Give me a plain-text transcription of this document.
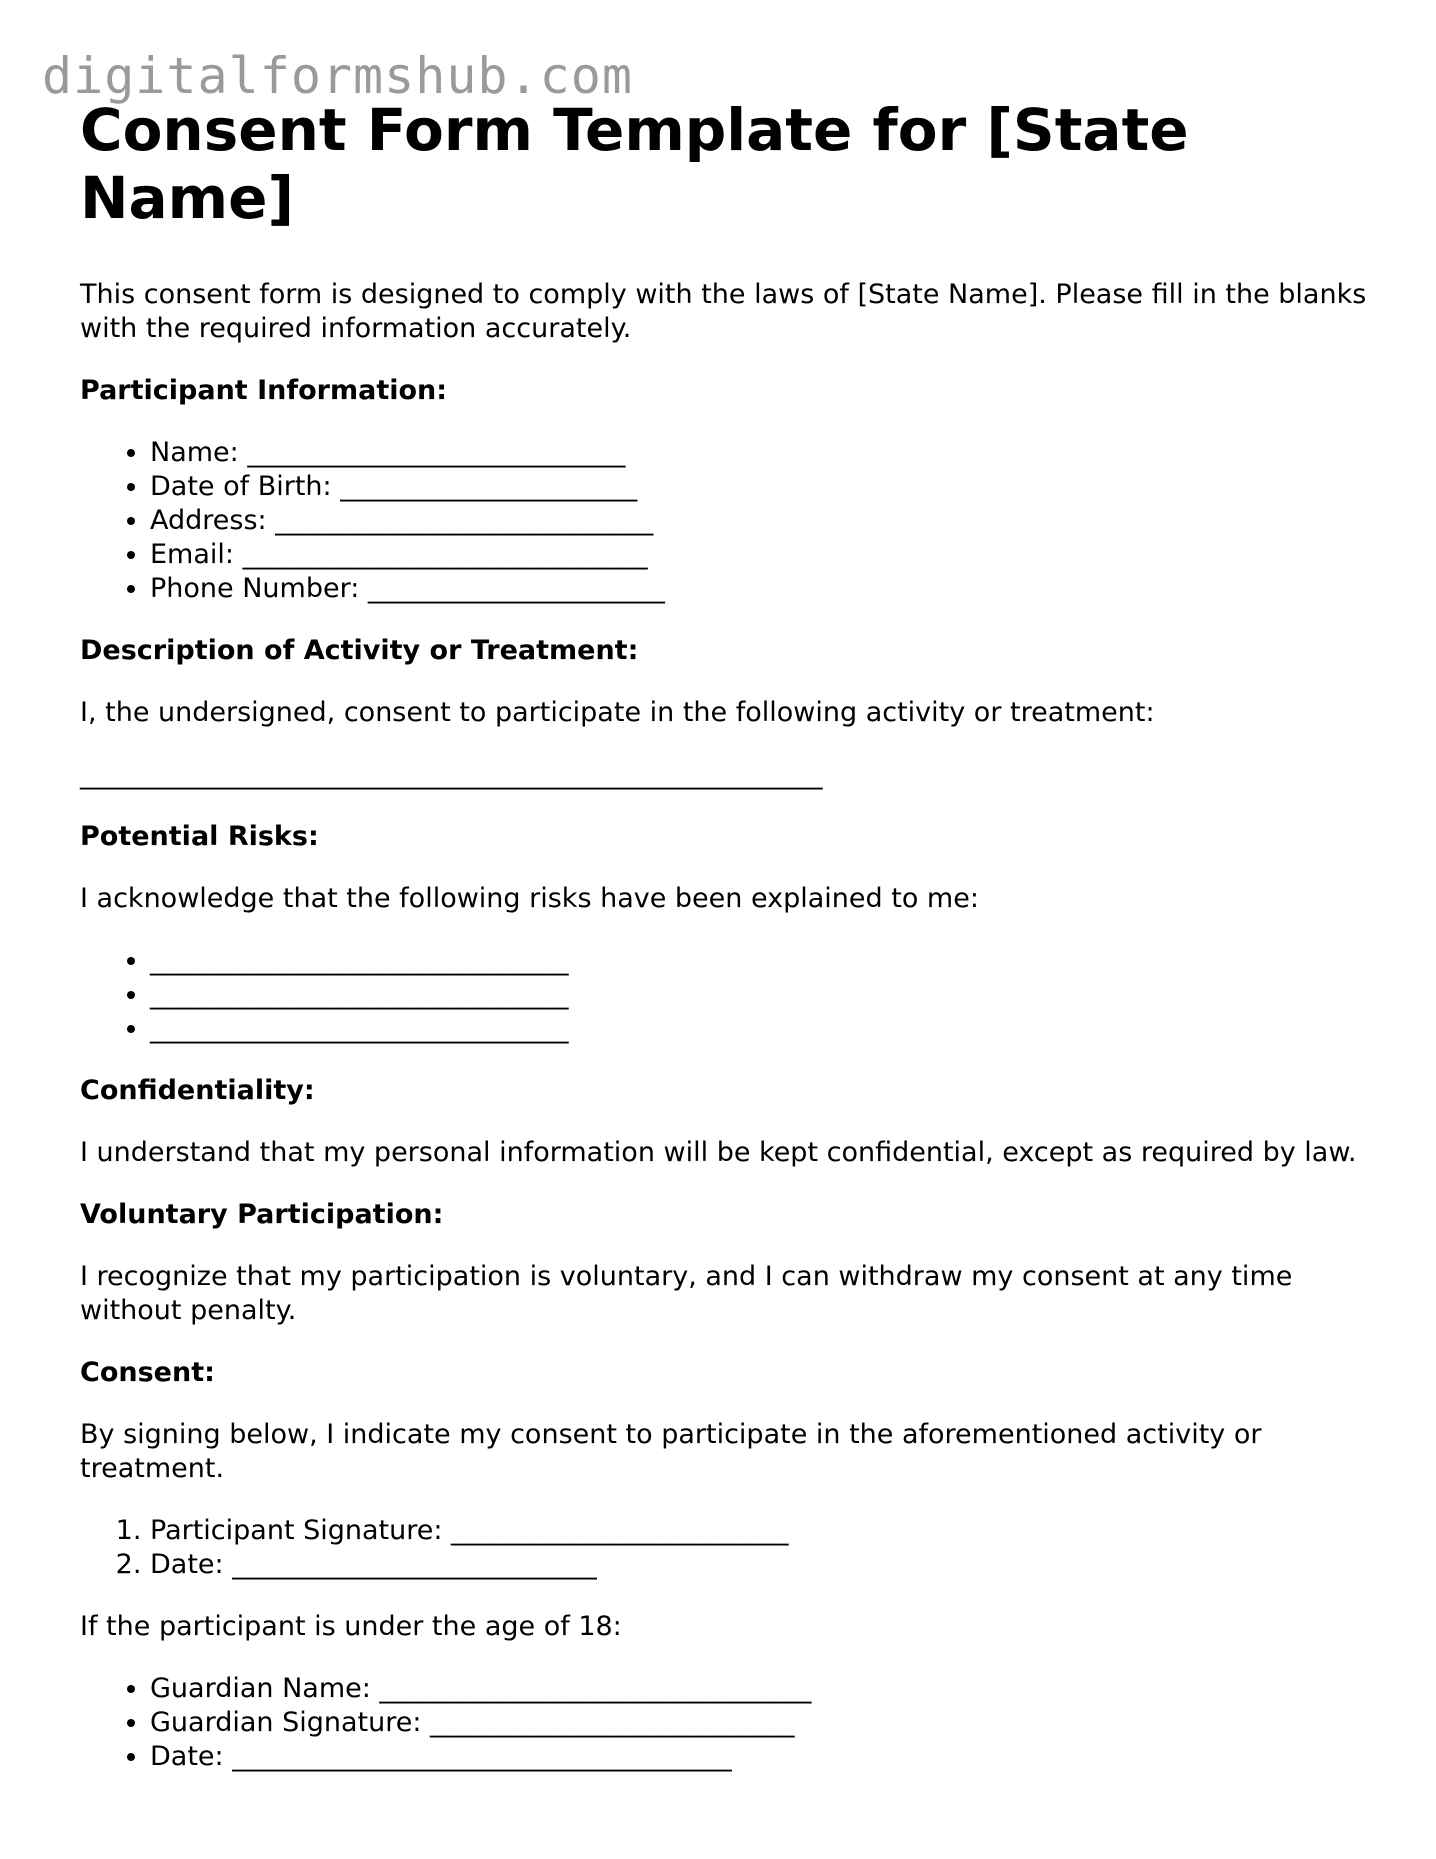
digitalformshub.com
Consent Form Template for [State Name]

This consent form is designed to comply with the laws of [State Name]. Please fill in the blanks with the required information accurately.

Participant Information:
• Name: ____________________________
• Date of Birth: ______________________
• Address: ____________________________
• Email: ______________________________
• Phone Number: ______________________
Description of Activity or Treatment:

I, the undersigned, consent to participate in the following activity or treatment:

_______________________________________________________

Potential Risks:

I acknowledge that the following risks have been explained to me:

• _______________________________
• _______________________________
• _______________________________
Confidentiality:

I understand that my personal information will be kept confidential, except as required by law.

Voluntary Participation:

I recognize that my participation is voluntary, and I can withdraw my consent at any time without penalty.

Consent:

By signing below, I indicate my consent to participate in the aforementioned activity or treatment.

1. Participant Signature: _________________________
2. Date: ___________________________

If the participant is under the age of 18:

• Guardian Name: ________________________________
• Guardian Signature: ___________________________
• Date: _____________________________________
